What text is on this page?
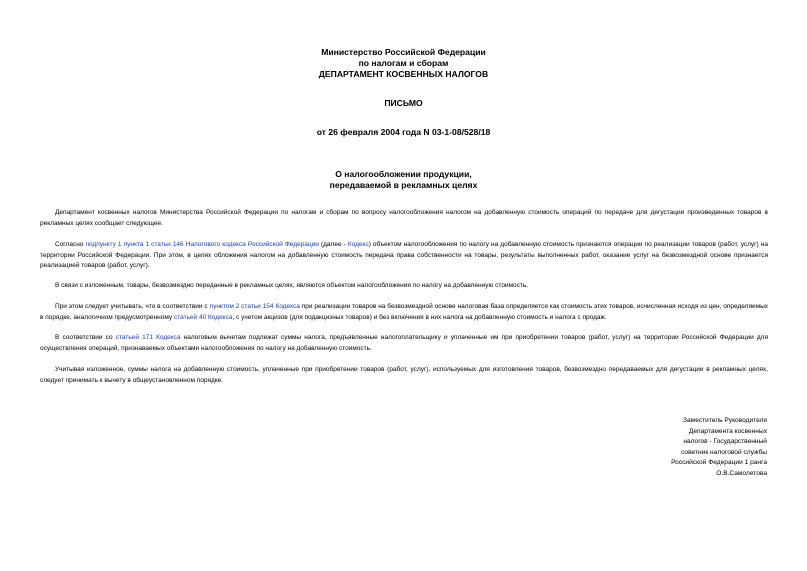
Министерство Российской Федерации
по налогам и сборам
ДЕПАРТАМЕНТ КОСВЕННЫХ НАЛОГОВ
ПИСЬМО
от 26 февраля 2004 года N 03-1-08/528/18
О налогообложении продукции,
передаваемой в рекламных целях

Департамент косвенных налогов Министерства Российской Федерации по налогам и сборам по вопросу налогообложения налогом на добавленную стоимость операций по передаче для дегустации произведенных товаров в рекламных целях сообщает следующее.

Согласно подпункту 1 пункта 1 статьи 146 Налогового кодекса Российской Федерации (далее - Кодекс) объектом налогообложения по налогу на добавленную стоимость признаются операции по реализации товаров (работ, услуг) на территории Российской Федерации. При этом, в целях обложения налогом на добавленную стоимость передача права собственности на товары, результаты выполненных работ, оказание услуг на безвозмездной основе признается реализацией товаров (работ, услуг).

В связи с изложенным, товары, безвозмездно переданные в рекламных целях, являются объектом налогообложения по налогу на добавленную стоимость.

При этом следует учитывать, что в соответствии с пунктом 2 статьи 154 Кодекса при реализации товаров на безвозмездной основе налоговая база определяется как стоимость этих товаров, исчисленная исходя из цен, определяемых в порядке, аналогичном предусмотренному статьей 40 Кодекса, с учетом акцизов (для подакцизных товаров) и без включения в них налога на добавленную стоимость и налога с продаж.

В соответствии со статьей 171 Кодекса налоговым вычетам подлежат суммы налога, предъявленные налогоплательщику и уплаченные им при приобретении товаров (работ, услуг) на территории Российской Федерации для осуществления операций, признаваемых объектами налогообложения по налогу на добавленную стоимость.

Учитывая изложенное, суммы налога на добавленную стоимость, уплаченные при приобретении товаров (работ, услуг), используемых для изготовления товаров, безвозмездно передаваемых для дегустации в рекламных целях, следует принимать к вычету в общеустановленном порядке.

Заместитель Руководителя
Департамента косвенных
налогов - Государственный
советник налоговой службы
Российской Федерации 1 ранга
О.В.Самолетова
